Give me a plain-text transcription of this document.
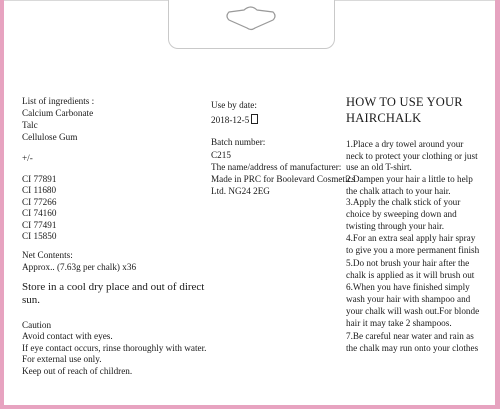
List of ingredients :
Calcium Carbonate
Talc
Cellulose Gum
+/-
CI 77891
CI 11680
CI 77266
CI 74160
CI 77491
CI 15850
Net Contents:
Approx.. (7.63g per chalk) x36
Store in a cool dry place and out of direct
sun.
Caution
Avoid contact with eyes.
If eye contact occurs, rinse thoroughly with water.
For external use only.
Keep out of reach of children.
Use by date:
2018-12-5
Batch number:
C215
The name/address of manufacturer:
Made in PRC for Boolevard Cosmetics
Ltd. NG24 2EG
HOW TO USE YOUR
HAIRCHALK
1.Place a dry towel around your
neck to protect your clothing or just
use an old T-shirt.
2.Dampen your hair a little to help
the chalk attach to your hair.
3.Apply the chalk stick of your
choice by sweeping down and
twisting through your hair.
4.For an extra seal apply hair spray
to give you a more permanent finish
5.Do not brush your hair after the
chalk is applied as it will brush out
6.When you have finished simply
wash your hair with shampoo and
your chalk will wash out.For blonde
hair it may take 2 shampoos.
7.Be careful near water and rain as
the chalk may run onto your clothes
